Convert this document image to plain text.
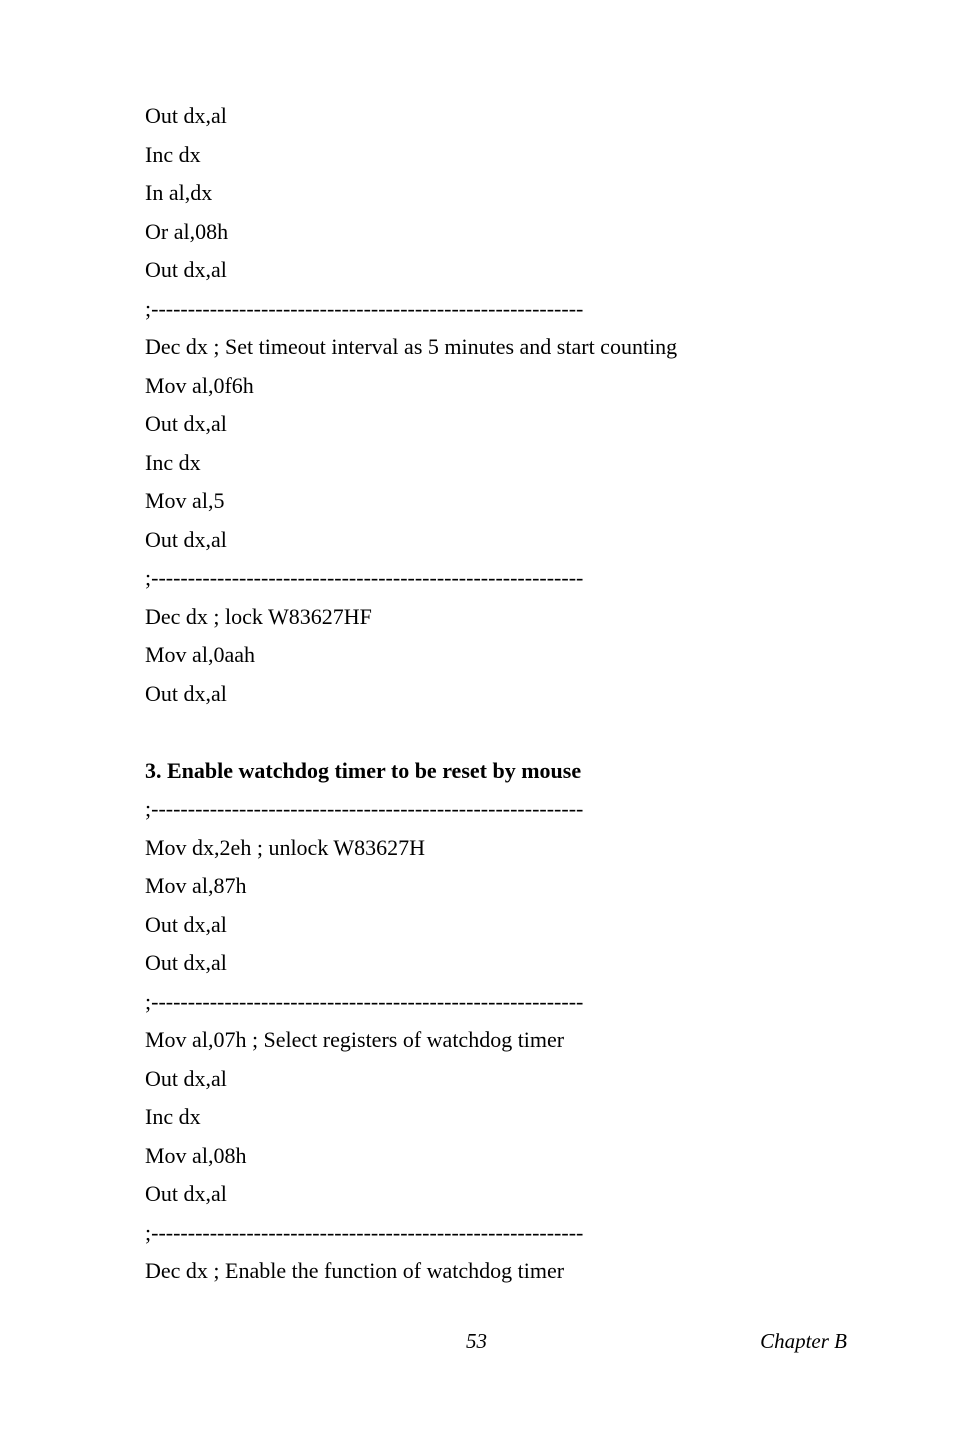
Out dx,al
Inc dx
In al,dx
Or al,08h
Out dx,al
;-----------------------------------------------------------
Dec dx ; Set timeout interval as 5 minutes and start counting
Mov al,0f6h
Out dx,al
Inc dx
Mov al,5
Out dx,al
;-----------------------------------------------------------
Dec dx ; lock W83627HF
Mov al,0aah
Out dx,al
3. Enable watchdog timer to be reset by mouse
;-----------------------------------------------------------
Mov dx,2eh ; unlock W83627H
Mov al,87h
Out dx,al
Out dx,al
;-----------------------------------------------------------
Mov al,07h ; Select registers of watchdog timer
Out dx,al
Inc dx
Mov al,08h
Out dx,al
;-----------------------------------------------------------
Dec dx ; Enable the function of watchdog timer
53	Chapter B
